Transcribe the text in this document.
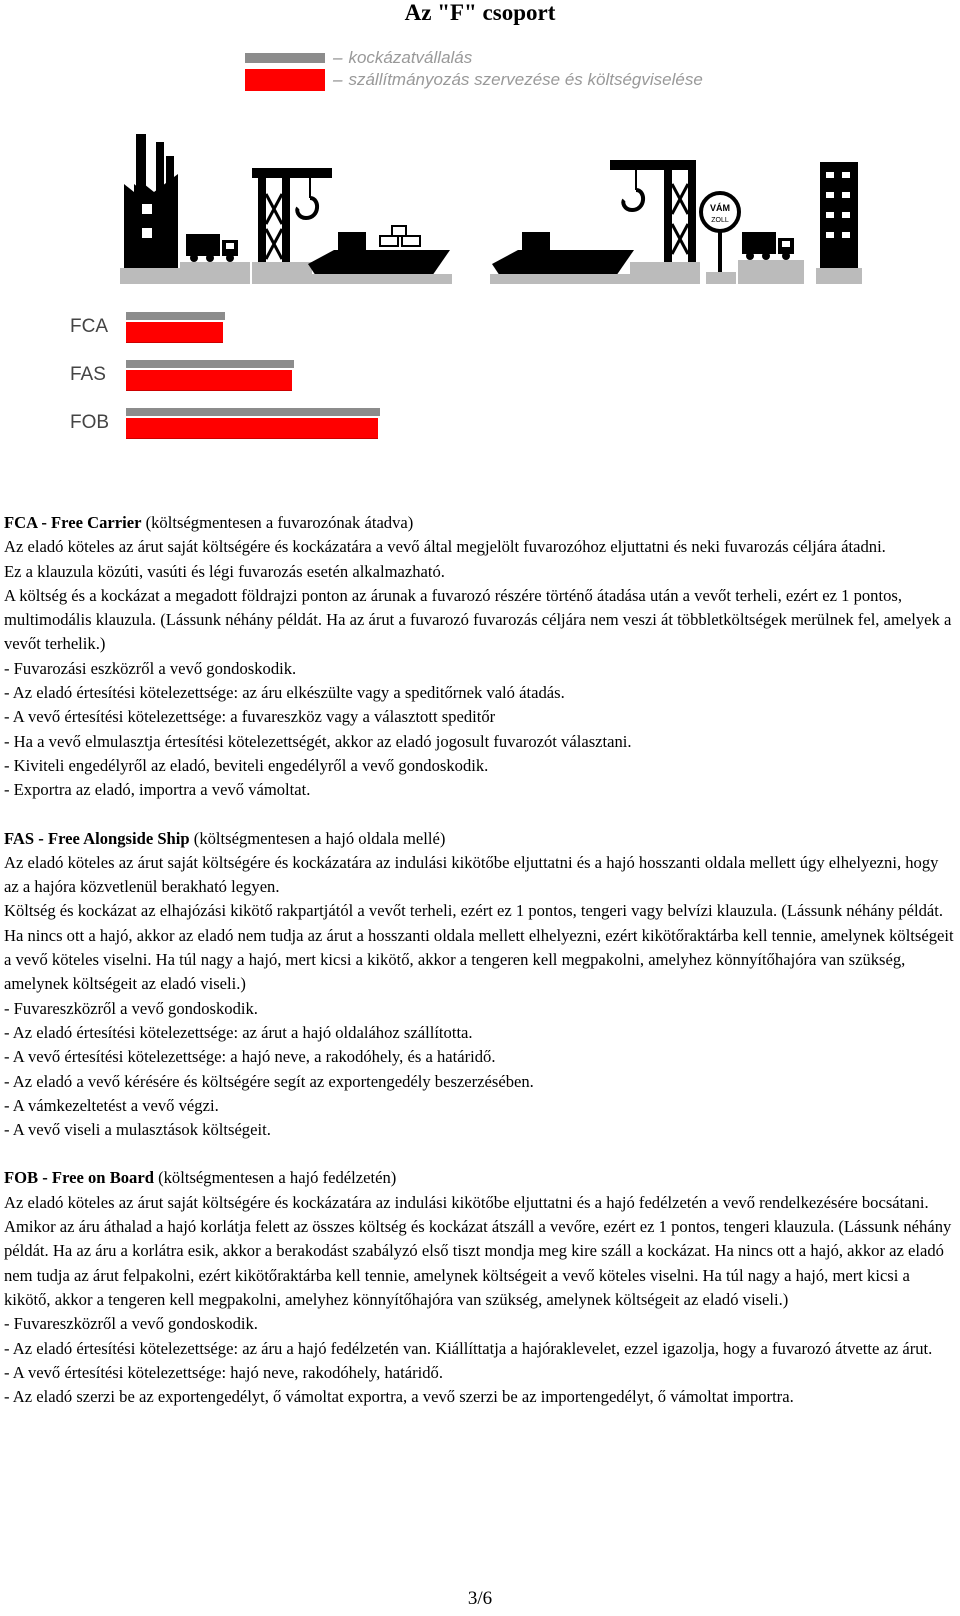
Az "F" csoport
– kockázatvállalás
– szállítmányozás szervezése és költségviselése
VÁM
ZOLL
FCA
FAS
FOB

FCA - Free Carrier (költségmentesen a fuvarozónak átadva)

Az eladó köteles az árut saját költségére és kockázatára a vevő által megjelölt fuvarozóhoz eljuttatni és neki fuvarozás céljára átadni.

Ez a klauzula közúti, vasúti és légi fuvarozás esetén alkalmazható.

A költség és a kockázat a megadott földrajzi ponton az árunak a fuvarozó részére történő átadása után a vevőt terheli, ezért ez 1 pontos, multimodális klauzula. (Lássunk néhány példát. Ha az árut a fuvarozó fuvarozás céljára nem veszi át többletköltségek merülnek fel, amelyek a vevőt terhelik.)

- Fuvarozási eszközről a vevő gondoskodik.

- Az eladó értesítési kötelezettsége: az áru elkészülte vagy a speditőrnek való átadás.

- A vevő értesítési kötelezettsége: a fuvareszköz vagy a választott speditőr

- Ha a vevő elmulasztja értesítési kötelezettségét, akkor az eladó jogosult fuvarozót választani.

- Kiviteli engedélyről az eladó, beviteli engedélyről a vevő gondoskodik.

- Exportra az eladó, importra a vevő vámoltat.

FAS - Free Alongside Ship (költségmentesen a hajó oldala mellé)

Az eladó köteles az árut saját költségére és kockázatára az indulási kikötőbe eljuttatni és a hajó hosszanti oldala mellett úgy elhelyezni, hogy az a hajóra közvetlenül berakható legyen.

Költség és kockázat az elhajózási kikötő rakpartjától a vevőt terheli, ezért ez 1 pontos, tengeri vagy belvízi klauzula. (Lássunk néhány példát. Ha nincs ott a hajó, akkor az eladó nem tudja az árut a hosszanti oldala mellett elhelyezni, ezért kikötőraktárba kell tennie, amelynek költségeit a vevő köteles viselni. Ha túl nagy a hajó, mert kicsi a kikötő, akkor a tengeren kell megpakolni, amelyhez könnyítőhajóra van szükség, amelynek költségeit az eladó viseli.)

- Fuvareszközről a vevő gondoskodik.

- Az eladó értesítési kötelezettsége: az árut a hajó oldalához szállította.

- A vevő értesítési kötelezettsége: a hajó neve, a rakodóhely, és a határidő.

- Az eladó a vevő kérésére és költségére segít az exportengedély beszerzésében.

- A vámkezeltetést a vevő végzi.

- A vevő viseli a mulasztások költségeit.

FOB - Free on Board (költségmentesen a hajó fedélzetén)

Az eladó köteles az árut saját költségére és kockázatára az indulási kikötőbe eljuttatni és a hajó fedélzetén a vevő rendelkezésére bocsátani.

Amikor az áru áthalad a hajó korlátja felett az összes költség és kockázat átszáll a vevőre, ezért ez 1 pontos, tengeri klauzula. (Lássunk néhány példát. Ha az áru a korlátra esik, akkor a berakodást szabályzó első tiszt mondja meg kire száll a kockázat. Ha nincs ott a hajó, akkor az eladó nem tudja az árut felpakolni, ezért kikötőraktárba kell tennie, amelynek költségeit a vevő köteles viselni. Ha túl nagy a hajó, mert kicsi a kikötő, akkor a tengeren kell megpakolni, amelyhez könnyítőhajóra van szükség, amelynek költségeit az eladó viseli.)

- Fuvareszközről a vevő gondoskodik.

- Az eladó értesítési kötelezettsége: az áru a hajó fedélzetén van. Kiállíttatja a hajóraklevelet, ezzel igazolja, hogy a fuvarozó átvette az árut.

- A vevő értesítési kötelezettsége: hajó neve, rakodóhely, határidő.

- Az eladó szerzi be az exportengedélyt, ő vámoltat exportra, a vevő szerzi be az importengedélyt, ő vámoltat importra.

3/6
